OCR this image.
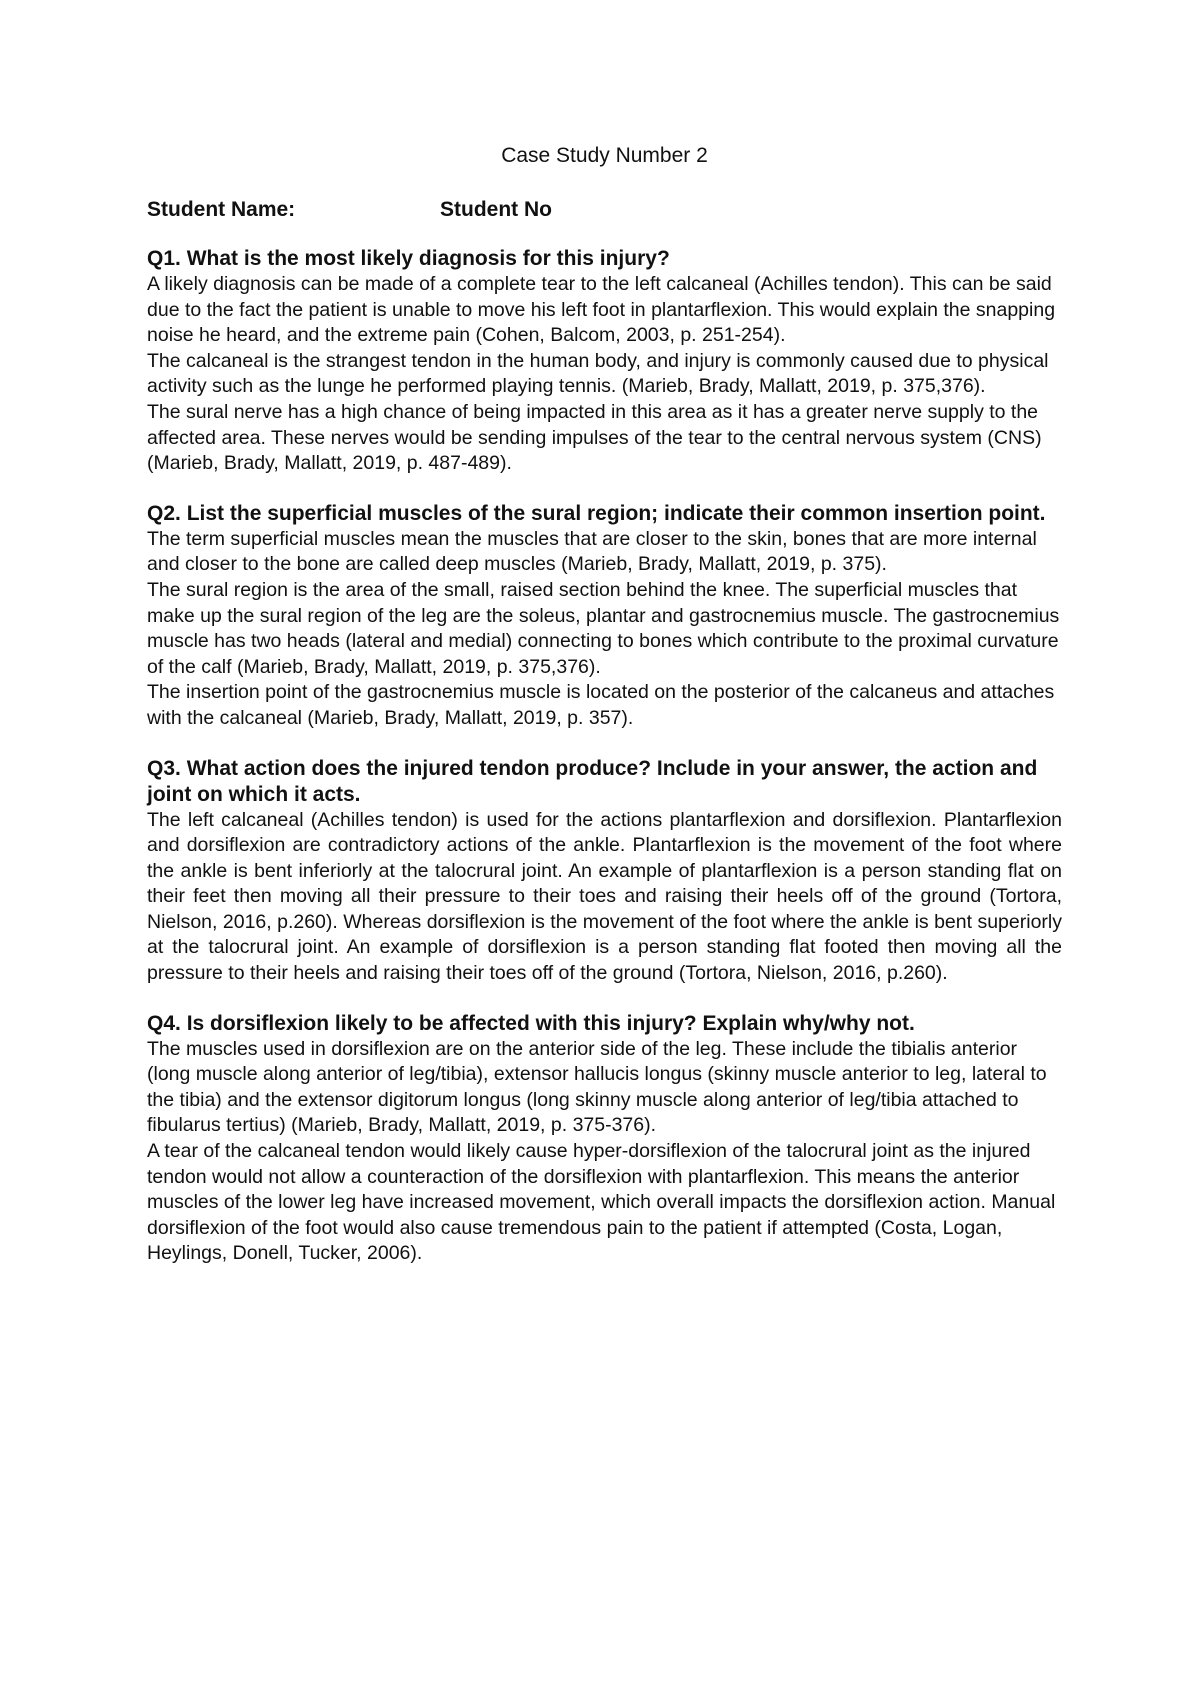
Case Study Number 2
Student Name:	Student No

Q1. What is the most likely diagnosis for this injury?

A likely diagnosis can be made of a complete tear to the left calcaneal (Achilles tendon). This can be said due to the fact the patient is unable to move his left foot in plantarflexion. This would explain the snapping noise he heard, and the extreme pain (Cohen, Balcom, 2003, p. 251-254).

The calcaneal is the strangest tendon in the human body, and injury is commonly caused due to physical activity such as the lunge he performed playing tennis. (Marieb, Brady, Mallatt, 2019, p. 375,376).

The sural nerve has a high chance of being impacted in this area as it has a greater nerve supply to the affected area. These nerves would be sending impulses of the tear to the central nervous system (CNS) (Marieb, Brady, Mallatt, 2019, p. 487-489).

Q2. List the superficial muscles of the sural region; indicate their common insertion point.

The term superficial muscles mean the muscles that are closer to the skin, bones that are more internal and closer to the bone are called deep muscles (Marieb, Brady, Mallatt, 2019, p. 375).

The sural region is the area of the small, raised section behind the knee. The superficial muscles that make up the sural region of the leg are the soleus, plantar and gastrocnemius muscle. The gastrocnemius muscle has two heads (lateral and medial) connecting to bones which contribute to the proximal curvature of the calf (Marieb, Brady, Mallatt, 2019, p. 375,376).

The insertion point of the gastrocnemius muscle is located on the posterior of the calcaneus and attaches with the calcaneal (Marieb, Brady, Mallatt, 2019, p. 357).

Q3. What action does the injured tendon produce? Include in your answer, the action and joint on which it acts.

The left calcaneal (Achilles tendon) is used for the actions plantarflexion and dorsiflexion. Plantarflexion and dorsiflexion are contradictory actions of the ankle. Plantarflexion is the movement of the foot where the ankle is bent inferiorly at the talocrural joint. An example of plantarflexion is a person standing flat on their feet then moving all their pressure to their toes and raising their heels off of the ground (Tortora, Nielson, 2016, p.260). Whereas dorsiflexion is the movement of the foot where the ankle is bent superiorly at the talocrural joint. An example of dorsiflexion is a person standing flat footed then moving all the pressure to their heels and raising their toes off of the ground (Tortora, Nielson, 2016, p.260).

Q4. Is dorsiflexion likely to be affected with this injury? Explain why/why not.

The muscles used in dorsiflexion are on the anterior side of the leg. These include the tibialis anterior (long muscle along anterior of leg/tibia), extensor hallucis longus (skinny muscle anterior to leg, lateral to the tibia) and the extensor digitorum longus (long skinny muscle along anterior of leg/tibia attached to fibularus tertius) (Marieb, Brady, Mallatt, 2019, p. 375-376).

A tear of the calcaneal tendon would likely cause hyper-dorsiflexion of the talocrural joint as the injured tendon would not allow a counteraction of the dorsiflexion with plantarflexion. This means the anterior muscles of the lower leg have increased movement, which overall impacts the dorsiflexion action. Manual dorsiflexion of the foot would also cause tremendous pain to the patient if attempted (Costa, Logan, Heylings, Donell, Tucker, 2006).
